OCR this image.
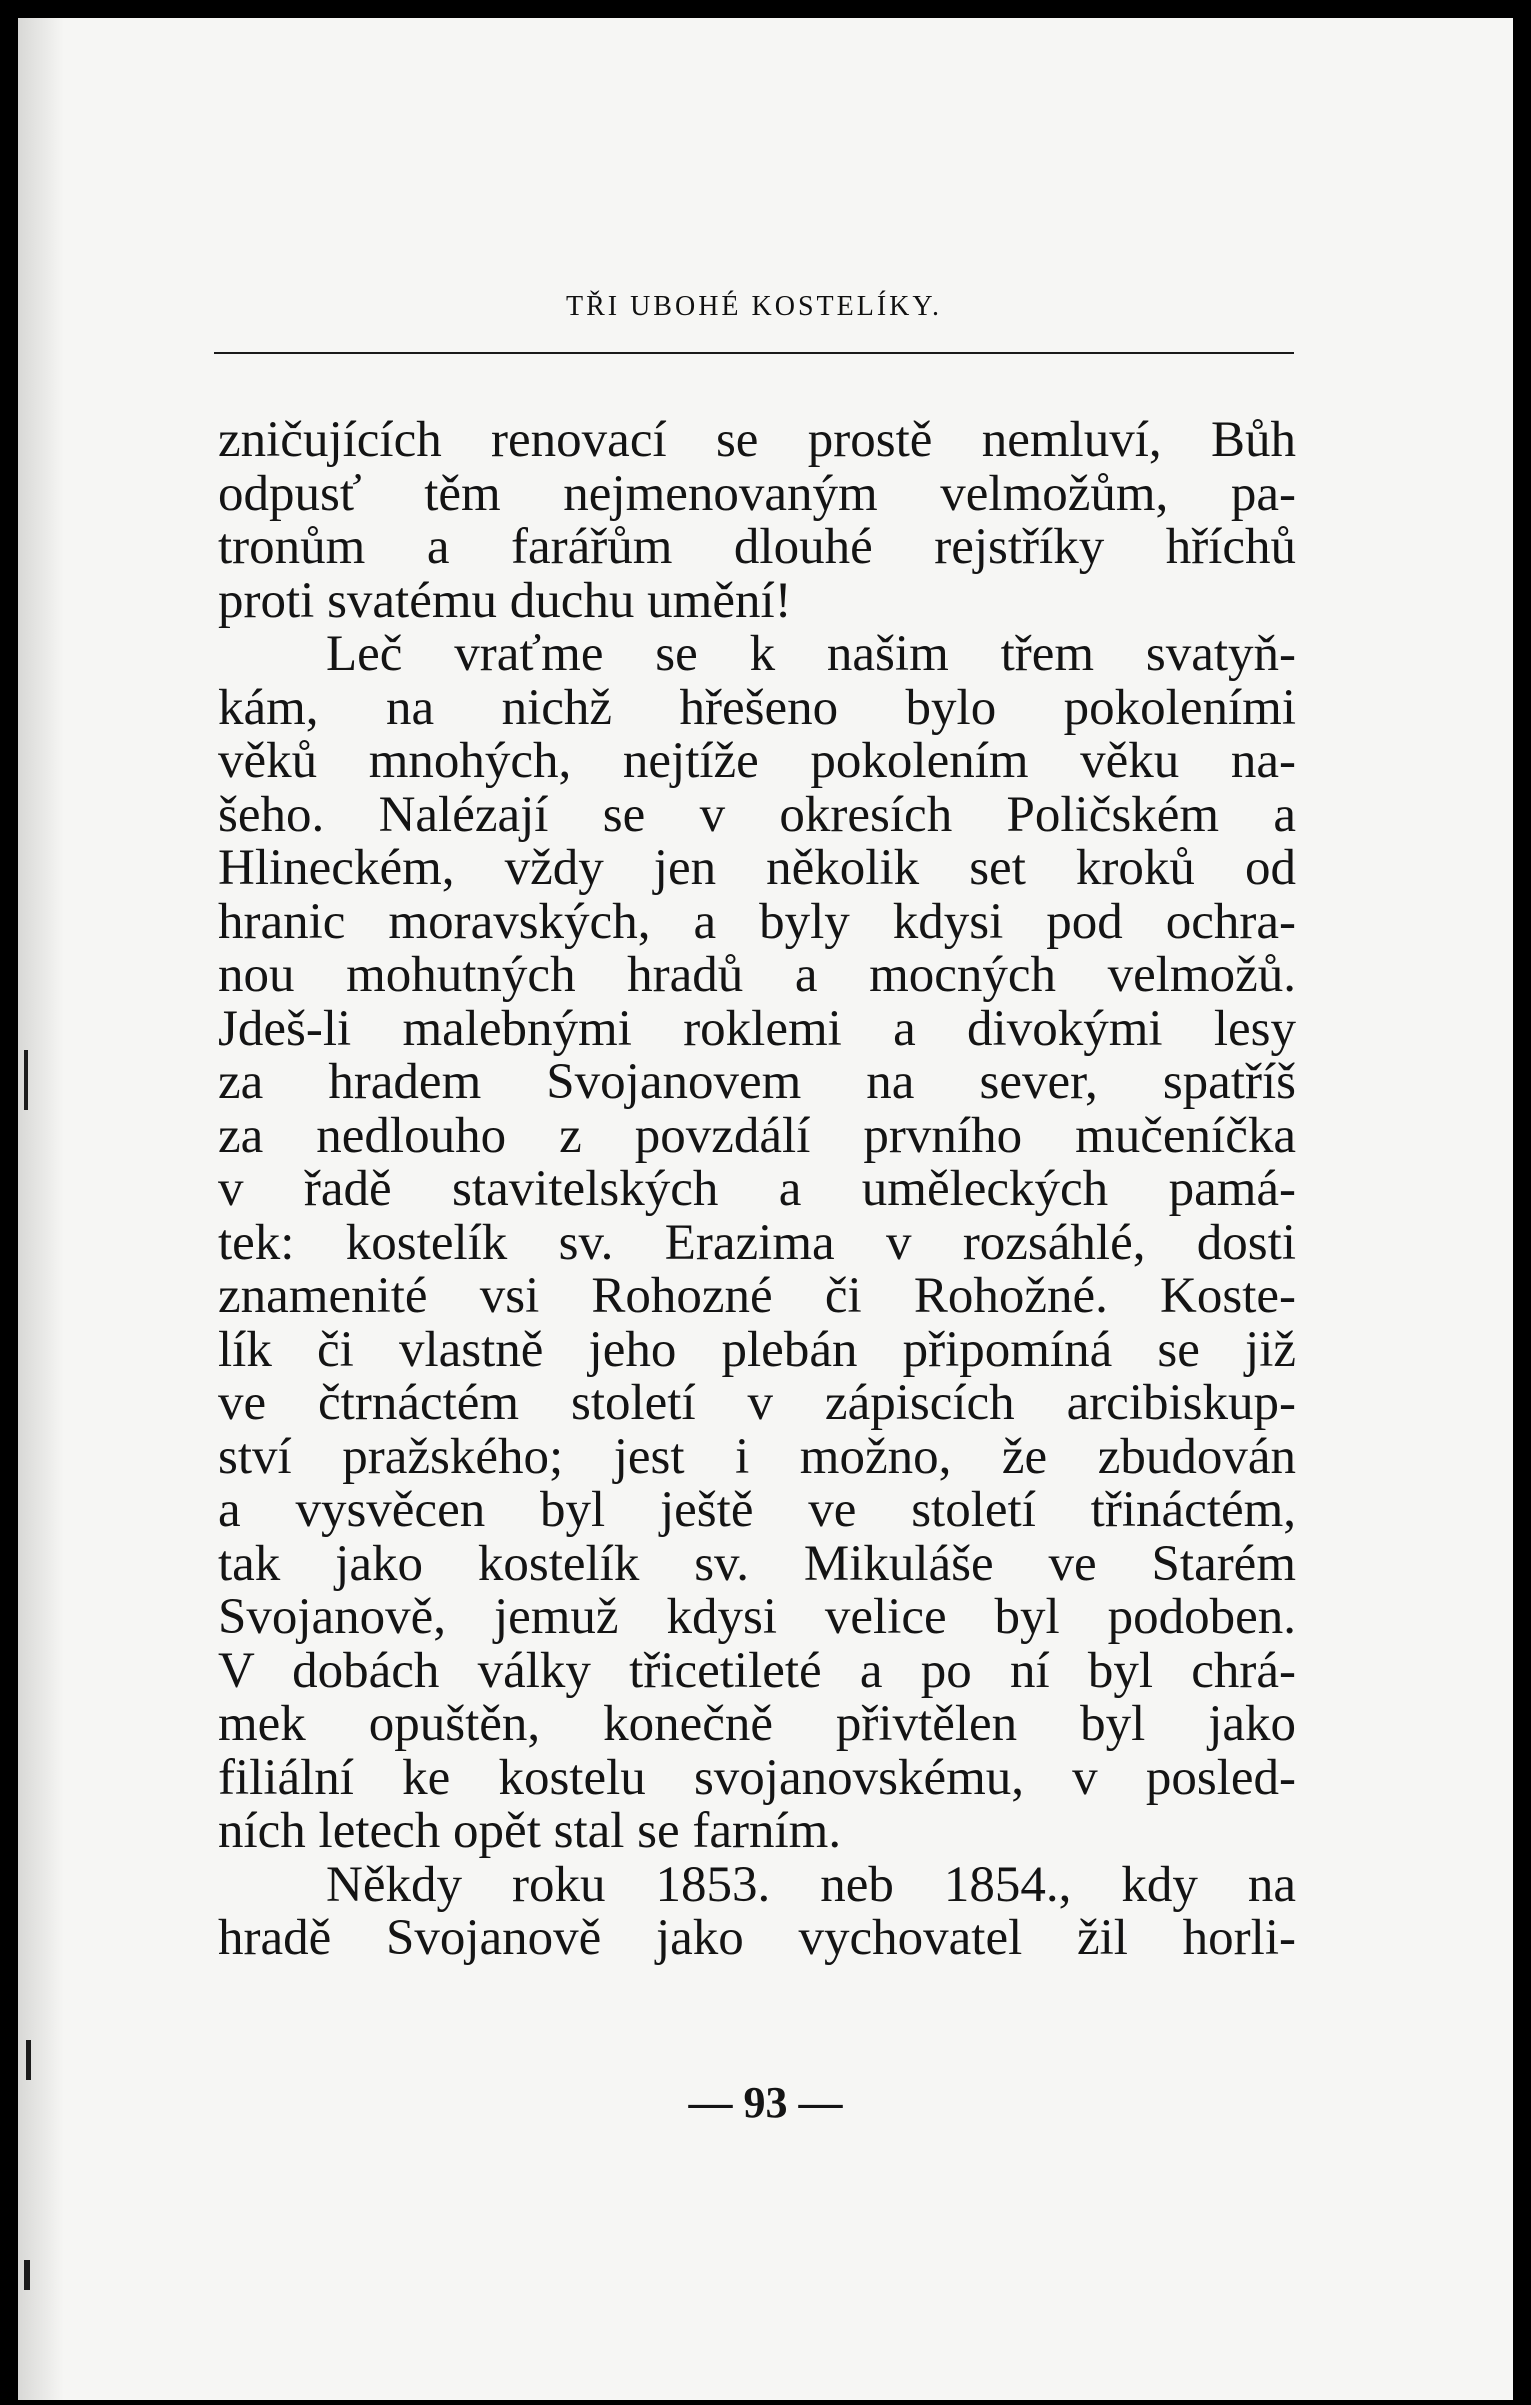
TŘI UBOHÉ KOSTELÍKY.
zničujících renovací se prostě nemluví, Bůh
odpusť těm nejmenovaným velmožům, pa-
tronům a farářům dlouhé rejstříky hříchů
proti svatému duchu umění!
Leč vraťme se k našim třem svatyň-
kám, na nichž hřešeno bylo pokoleními
věků mnohých, nejtíže pokolením věku na-
šeho. Nalézají se v okresích Poličském a
Hlineckém, vždy jen několik set kroků od
hranic moravských, a byly kdysi pod ochra-
nou mohutných hradů a mocných velmožů.
Jdeš-li malebnými roklemi a divokými lesy
za hradem Svojanovem na sever, spatříš
za nedlouho z povzdálí prvního mučeníčka
v řadě stavitelských a uměleckých pamá-
tek: kostelík sv. Erazima v rozsáhlé, dosti
znamenité vsi Rohozné či Rohožné. Koste-
lík či vlastně jeho plebán připomíná se již
ve čtrnáctém století v zápiscích arcibiskup-
ství pražského; jest i možno, že zbudován
a vysvěcen byl ještě ve století třináctém,
tak jako kostelík sv. Mikuláše ve Starém
Svojanově, jemuž kdysi velice byl podoben.
V dobách války třicetileté a po ní byl chrá-
mek opuštěn, konečně přivtělen byl jako
filiální ke kostelu svojanovskému, v posled-
ních letech opět stal se farním.
Někdy roku 1853. neb 1854., kdy na
hradě Svojanově jako vychovatel žil horli-
— 93 —
